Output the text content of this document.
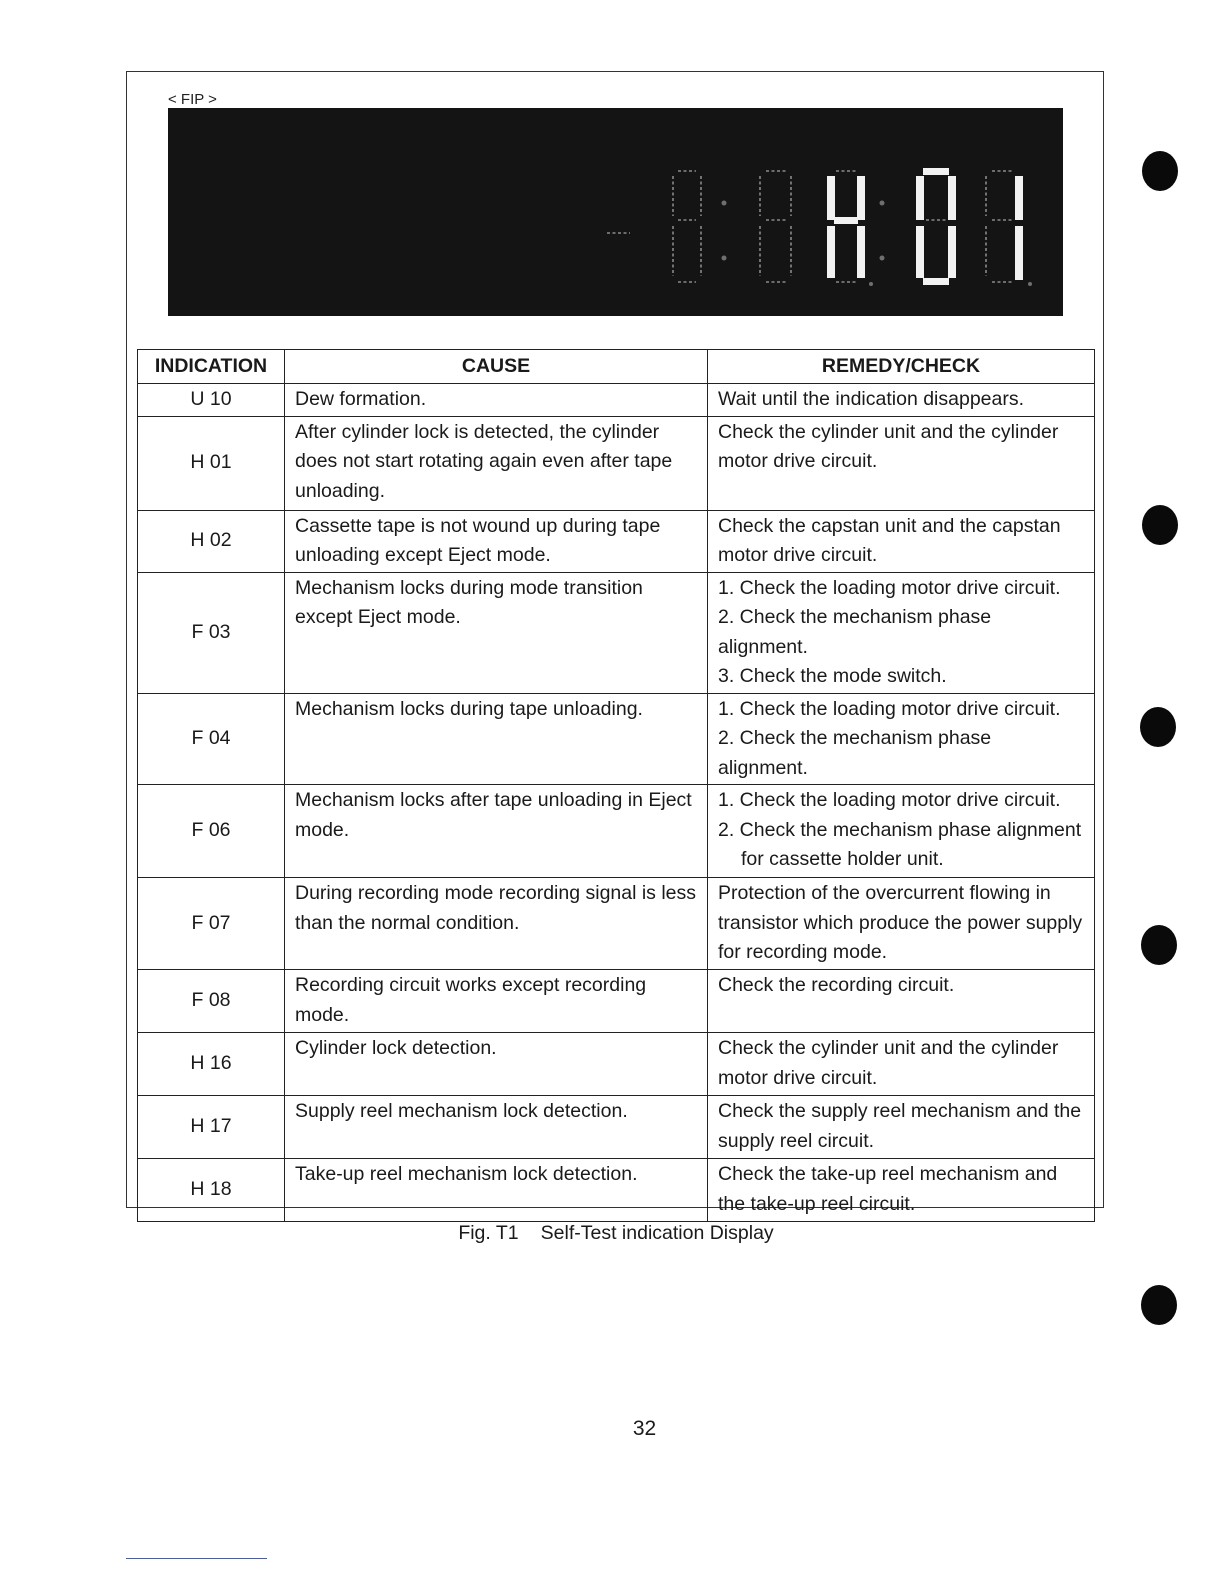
< FIP >
INDICATION	CAUSE	REMEDY/CHECK
U 10	Dew formation.	Wait until the indication disappears.

H 01	After cylinder lock is detected, the cylinder does not start rotating again even after tape unloading.	Check the cylinder unit and the cylinder motor drive circuit.

H 02	Cassette tape is not wound up during tape unloading except Eject mode.	Check the capstan unit and the capstan motor drive circuit.

F 03	Mechanism locks during mode transition except Eject mode.	1. Check the loading motor drive circuit.
2. Check the mechanism phase alignment.
3. Check the mode switch.

F 04	Mechanism locks during tape unloading.	1. Check the loading motor drive circuit.
2. Check the mechanism phase alignment.

F 06	Mechanism locks after tape unloading in Eject mode.	1. Check the loading motor drive circuit.
2. Check the mechanism phase alignment
for cassette holder unit.

F 07	During recording mode recording signal is less than the normal condition.	Protection of the overcurrent flowing in transistor which produce the power supply for recording mode.

F 08	Recording circuit works except recording mode.	Check the recording circuit.

H 16	Cylinder lock detection.	Check the cylinder unit and the cylinder motor drive circuit.

H 17	Supply reel mechanism lock detection.	Check the supply reel mechanism and the supply reel circuit.

H 18	Take-up reel mechanism lock detection.	Check the take-up reel mechanism and the take-up reel circuit.
Fig. T1 Self-Test indication Display
32
